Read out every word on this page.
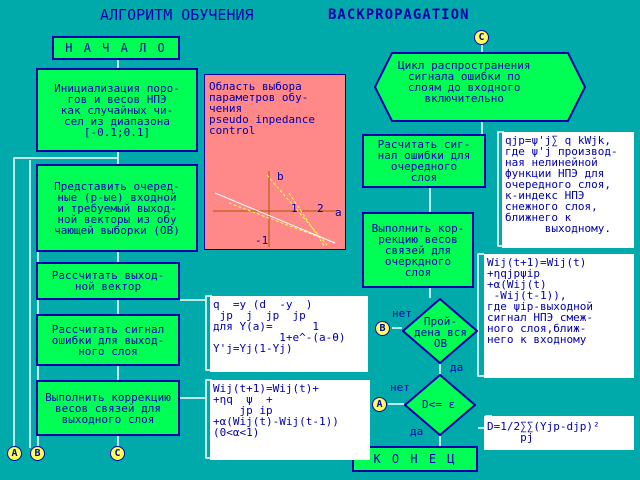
АЛГОРИТМ ОБУЧЕНИЯ	BACKPROPAGATION
Н А Ч А Л О
Инициализация поро-
гов и весов НПЭ
как случайных чи-
сел из диапазона
[-0.1;0.1]
Представить очеред-
ные (p-ые) входной
и требуемый выход-
ной векторы из обу
чающей выборки (ОВ)
Рассчитать выход-
ной вектор
Рассчитать сигнал
ошибки для выход-
ного слоя
Выполнить коррекцию
весов связей для
выходного слоя
A	B	C
Область выбора
параметров обу-
чения
pseudo inpedance
control
b
1 2 a
-1
C
Цикл распространения
сигнала ошибки по
слоям до входного
включительно
Расчитать сиг-
нал ошибки для
очередного
слоя
Выполнить кор-
рекцию весов
связей для
очеркдного
слоя
Прой-
дена вся
ОВ
нет
да
B
D<= ε
нет
да
A
К О Н Е Ц
q  =y (d  -y  )
jp  j  jp  jp
для Y(a)=      1
1+e^-(a-θ)
Y'j=Yj(1-Yj)
Wij(t+1)=Wij(t)+
+ηq  ψ  +
jp ip
+α(Wij(t)-Wij(t-1))
(0<α<1)
qjp=ψ'j∑ q kWjk,
где ψ'j производ-
ная нелинейной
функции НПЭ для
очередного слоя,
к-индекс НПЭ
снежного слоя,
ближнего к
выходному.
Wij(t+1)=Wij(t)
+ηqjpψip
+α(Wij(t)
-Wij(t-1)),
где ψip-выходной
сигнал НПЭ смеж-
ного слоя,ближ-
него к входному
D=1/2∑∑(Yjp-djp)²
pj
